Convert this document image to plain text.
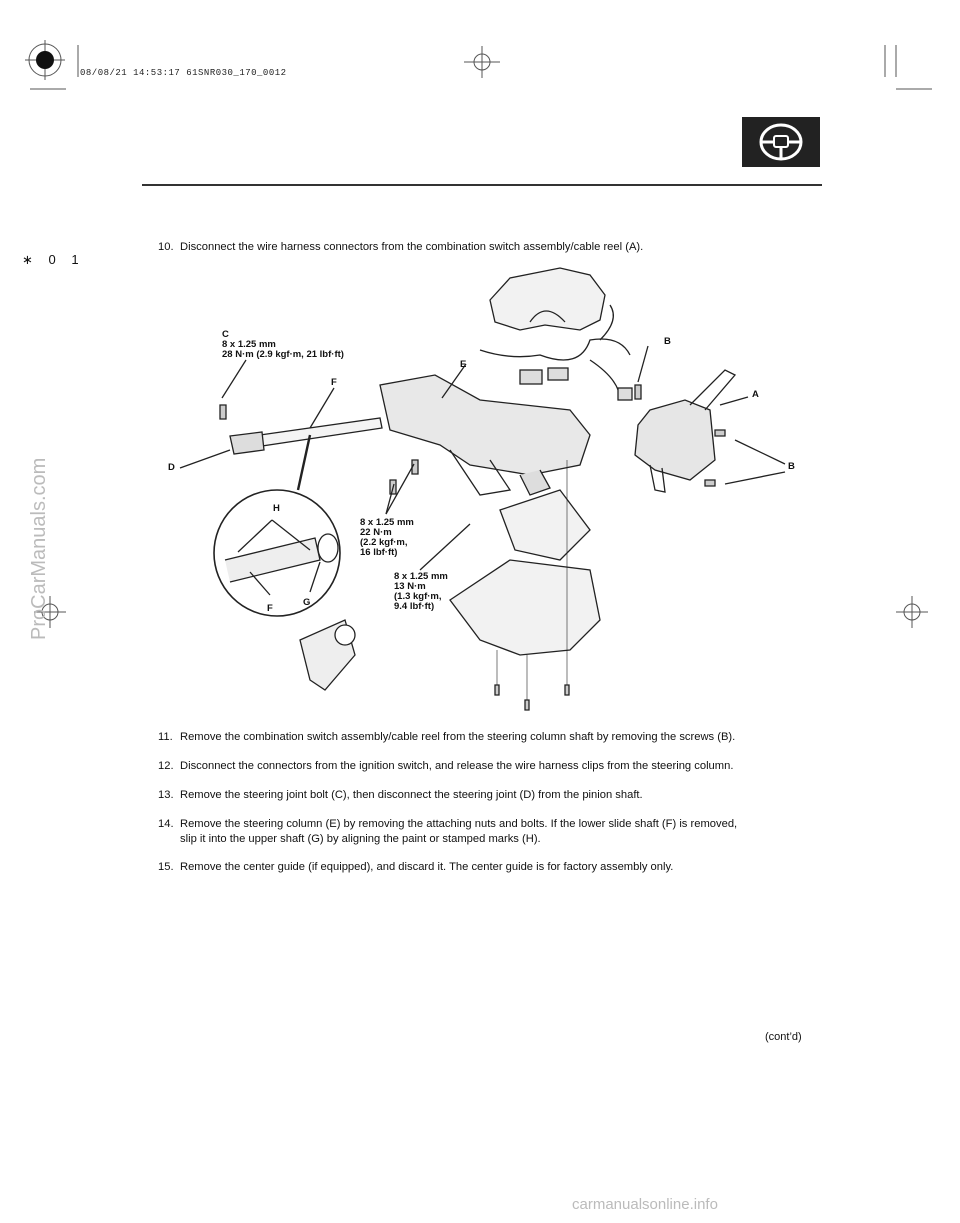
08/08/21 14:53:17 61SNR030_170_0012
∗ 0 1
ProCarManuals.com
carmanualsonline.info
10. Disconnect the wire harness connectors from the combination switch assembly/cable reel (A).
11. Remove the combination switch assembly/cable reel from the steering column shaft by removing the screws (B).
12. Disconnect the connectors from the ignition switch, and release the wire harness clips from the steering column.
13. Remove the steering joint bolt (C), then disconnect the steering joint (D) from the pinion shaft.
14. Remove the steering column (E) by removing the attaching nuts and bolts. If the lower slide shaft (F) is removed,
slip it into the upper shaft (G) by aligning the paint or stamped marks (H).
15. Remove the center guide (if equipped), and discard it. The center guide is for factory assembly only.
C
8 x 1.25 mm
28 N·m (2.9 kgf·m, 21 lbf·ft)
D
E
F
B
A
B
H
F
G
8 x 1.25 mm
22 N·m
(2.2 kgf·m,
16 lbf·ft)
8 x 1.25 mm
13 N·m
(1.3 kgf·m,
9.4 lbf·ft)
(cont’d)
